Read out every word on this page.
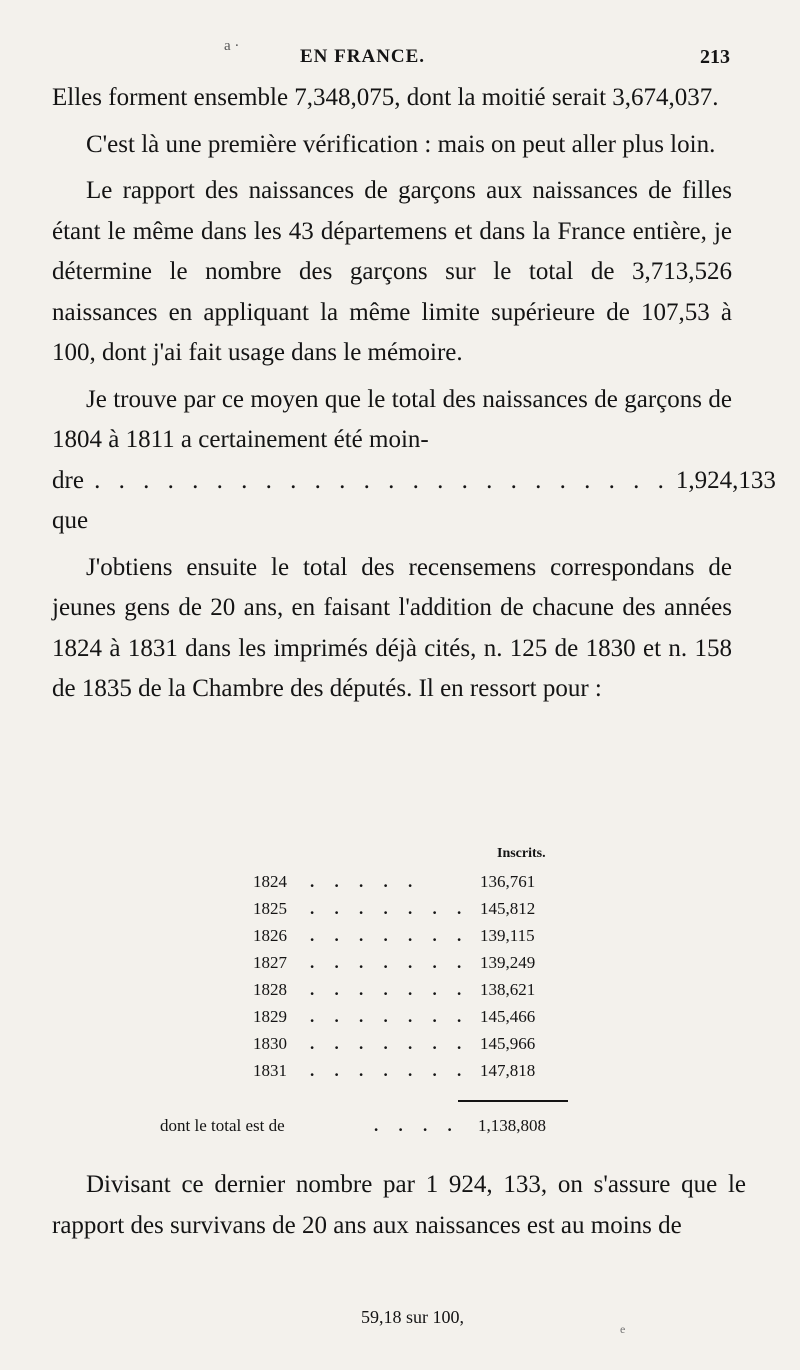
a ·	EN FRANCE.	213

Elles forment ensemble 7,348,075, dont la moitié serait 3,674,037.

C'est là une première vérification : mais on peut aller plus loin.

Le rapport des naissances de garçons aux naissances de filles étant le même dans les 43 départemens et dans la France entière, je détermine le nombre des garçons sur le total de 3,713,526 naissances en appliquant la même limite supérieure de 107,53 à 100, dont j'ai fait usage dans le mémoire.

Je trouve par ce moyen que le total des naissances de garçons de 1804 à 1811 a certainement été moin-

dre que
. . . . . . . . . . . . . . . . . . . . . . . . 1,924,133

J'obtiens ensuite le total des recensemens correspondans de jeunes gens de 20 ans, en faisant l'addition de chacune des années 1824 à 1831 dans les imprimés déjà cités, n. 125 de 1830 et n. 158 de 1835 de la Chambre des députés. Il en ressort pour :

Inscrits.
1824 . . . . .	136,761
1825 . . . . . . . 145,812
1826 . . . . . . . 139,115
1827 . . . . . . . 139,249
1828 . . . . . . . 138,621
1829 . . . . . . . 145,466
1830 . . . . . . . 145,966
1831 . . . . . . . 147,818
dont le total est de	. . . . 1,138,808

Divisant ce dernier nombre par 1 924, 133, on s'assure que le rapport des survivans de 20 ans aux naissances est au moins de

59,18 sur 100,
e
